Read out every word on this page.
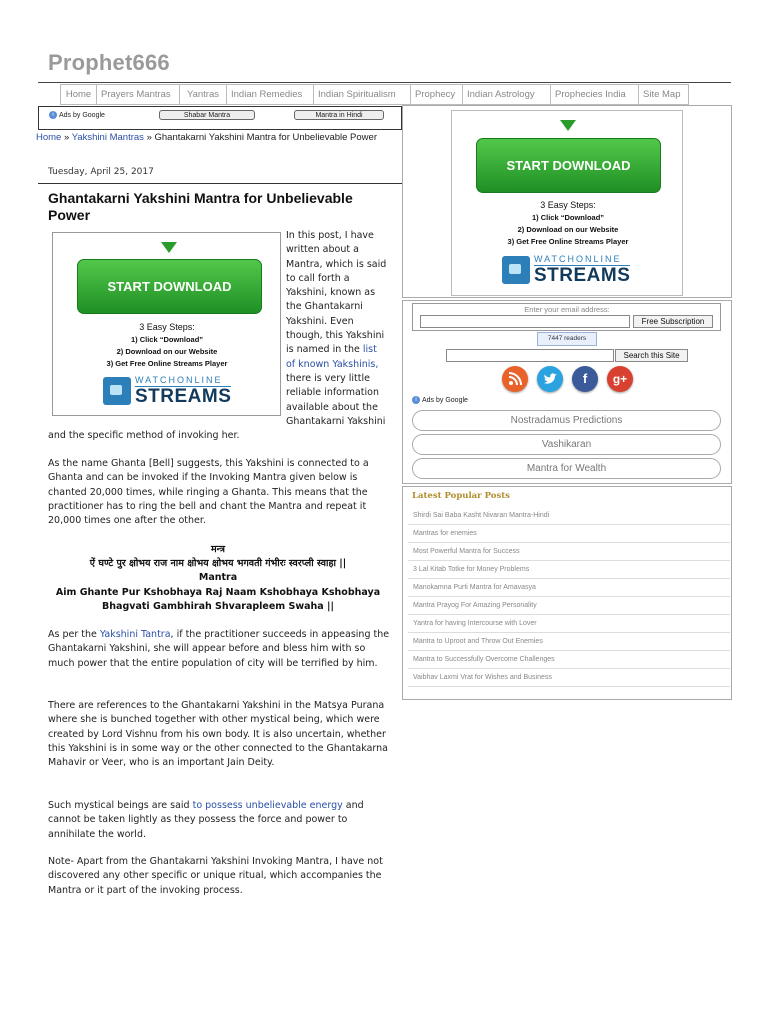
Prophet666
Home	Prayers Mantras	Yantras	Indian Remedies	Indian Spiritualism	Prophecy	Indian Astrology	Prophecies India	Site Map
i Ads by Google	Shabar Mantra	Mantra in Hindi
Home » Yakshini Mantras » Ghantakarni Yakshini Mantra for Unbelievable Power
Tuesday, April 25, 2017
Ghantakarni Yakshini Mantra for Unbelievable Power
START DOWNLOAD
3 Easy Steps:
1) Click “Download”
2) Download on our Website
3) Get Free Online Streams Player
WATCHONLINE
STREAMS
In this post, I have
written about a
Mantra, which is said
to call forth a
Yakshini, known as
the Ghantakarni
Yakshini. Even
though, this Yakshini
is named in the list
of known Yakshinis,
there is very little
reliable information
available about the
Ghantakarni Yakshini
and the specific method of invoking her.
As the name Ghanta [Bell] suggests, this Yakshini is connected to a Ghanta and can be invoked if the Invoking Mantra given below is chanted 20,000 times, while ringing a Ghanta. This means that the practitioner has to ring the bell and chant the Mantra and repeat it 20,000 times one after the other.
मन्त्र
ऐं घण्टे पुर क्षोभय राज नाम क्षोभय क्षोभय भगवती गंभीरः स्वरप्ली स्वाहा ||
Mantra
Aim Ghante Pur Kshobhaya Raj Naam Kshobhaya Kshobhaya
Bhagvati Gambhirah Shvarapleem Swaha ||
As per the Yakshini Tantra, if the practitioner succeeds in appeasing the Ghantakarni Yakshini, she will appear before and bless him with so much power that the entire population of city will be terrified by him.
There are references to the Ghantakarni Yakshini in the Matsya Purana where she is bunched together with other mystical being, which were created by Lord Vishnu from his own body. It is also uncertain, whether this Yakshini is in some way or the other connected to the Ghantakarna Mahavir or Veer, who is an important Jain Deity.
Such mystical beings are said to possess unbelievable energy and cannot be taken lightly as they possess the force and power to annihilate the world.
Note- Apart from the Ghantakarni Yakshini Invoking Mantra, I have not discovered any other specific or unique ritual, which accompanies the Mantra or it part of the invoking process.
START DOWNLOAD
3 Easy Steps:
1) Click “Download”
2) Download on our Website
3) Get Free Online Streams Player
WATCHONLINE
STREAMS
Enter your email address:
Free Subscription
7447 readers
Search this Site
f	g+
i Ads by Google
Nostradamus Predictions
Vashikaran
Mantra for Wealth
Latest Popular Posts
Shirdi Sai Baba Kasht Nivaran Mantra-Hindi
Mantras for enemies
Most Powerful Mantra for Success
3 Lal Kitab Totke for Money Problems
Manokamna Purti Mantra for Amavasya
Mantra Prayog For Amazing Personality
Yantra for having Intercourse with Lover
Mantra to Uproot and Throw Out Enemies
Mantra to Successfully Overcome Challenges
Vaibhav Laxmi Vrat for Wishes and Business
